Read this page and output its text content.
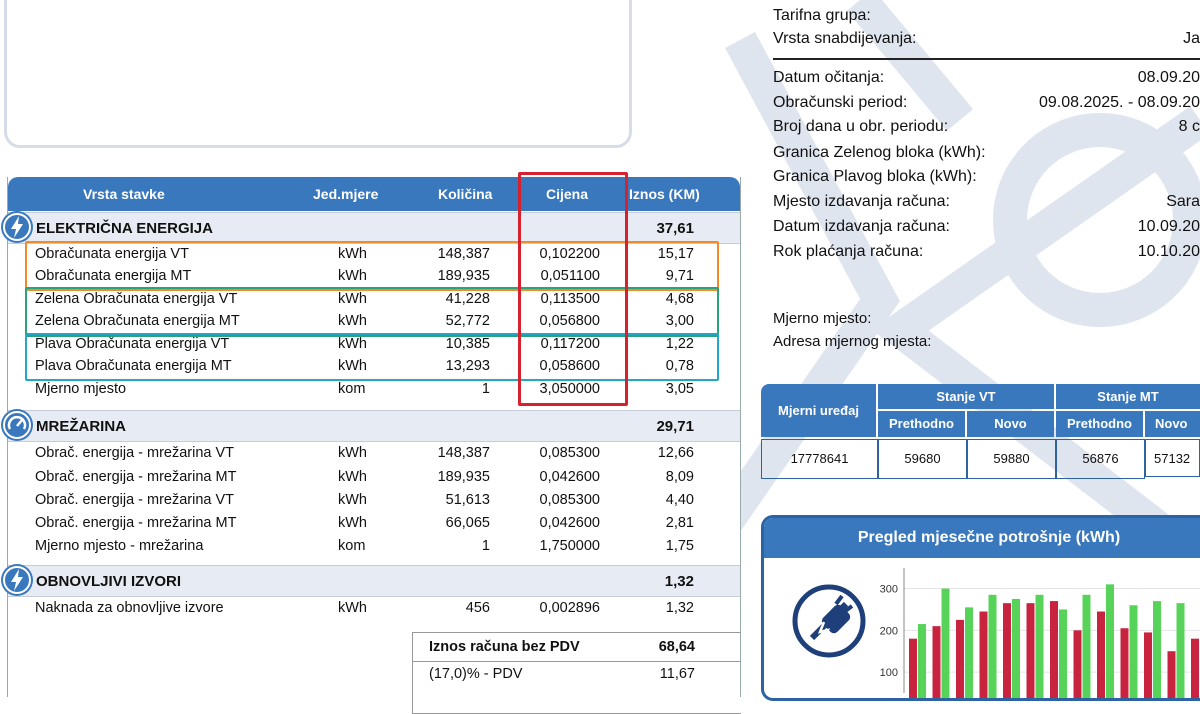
Vrsta stavke	Jed.mjere	Količina	Cijena	Iznos (KM)
ELEKTRIČNA ENERGIJA	37,61
Obračunata energija VT	kWh	148,387	0,102200	15,17
Obračunata energija MT	kWh	189,935	0,051100	9,71
Zelena Obračunata energija VT	kWh	41,228	0,113500	4,68
Zelena Obračunata energija MT	kWh	52,772	0,056800	3,00
Plava Obračunata energija VT	kWh	10,385	0,117200	1,22
Plava Obračunata energija MT	kWh	13,293	0,058600	0,78
Mjerno mjesto	kom	1	3,050000	3,05
MREŽARINA	29,71
Obrač. energija - mrežarina VT	kWh	148,387	0,085300	12,66
Obrač. energija - mrežarina MT	kWh	189,935	0,042600	8,09
Obrač. energija - mrežarina VT	kWh	51,613	0,085300	4,40
Obrač. energija - mrežarina MT	kWh	66,065	0,042600	2,81
Mjerno mjesto - mrežarina	kom	1	1,750000	1,75
OBNOVLJIVI IZVORI	1,32
Naknada za obnovljive izvore	kWh	456	0,002896	1,32
Iznos računa bez PDV	68,64
(17,0)% - PDV	11,67
Tarifna grupa:
Vrsta snabdijevanja:	Ja
Datum očitanja:	08.09.20
Obračunski period:	09.08.2025. - 08.09.20
Broj dana u obr. periodu:	8 c
Granica Zelenog bloka (kWh):
Granica Plavog bloka (kWh):
Mjesto izdavanja računa:	Sara
Datum izdavanja računa:	10.09.20
Rok plaćanja računa:	10.10.20
Mjerno mjesto:
Adresa mjernog mjesta:
Mjerni uređaj
Stanje VT	Stanje MT
Prethodno	Novo	Prethodno	Novo
17778641	59680	59880	56876	57132
Pregled mjesečne potrošnje (kWh)
300
200
100
